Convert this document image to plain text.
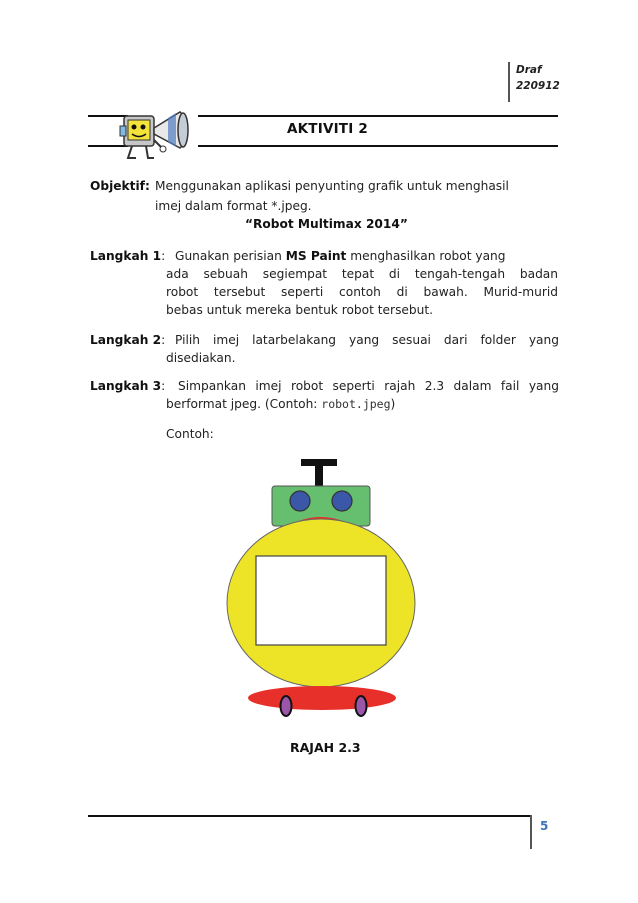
Draf
220912
AKTIVITI 2
Objektif: Menggunakan aplikasi penyunting grafik untuk menghasil
imej dalam format *.jpeg.
“Robot Multimax 2014”
Langkah 1: Gunakan perisian MS Paint menghasilkan robot yang
ada sebuah segiempat tepat di tengah-tengah badan
robot tersebut seperti contoh di bawah. Murid-murid
bebas untuk mereka bentuk robot tersebut.
Langkah 2: Pilih imej latarbelakang yang sesuai dari folder yang
disediakan.
Langkah 3: Simpankan imej robot seperti rajah 2.3 dalam fail yang
berformat jpeg. (Contoh: robot.jpeg)
Contoh:
RAJAH 2.3
5
